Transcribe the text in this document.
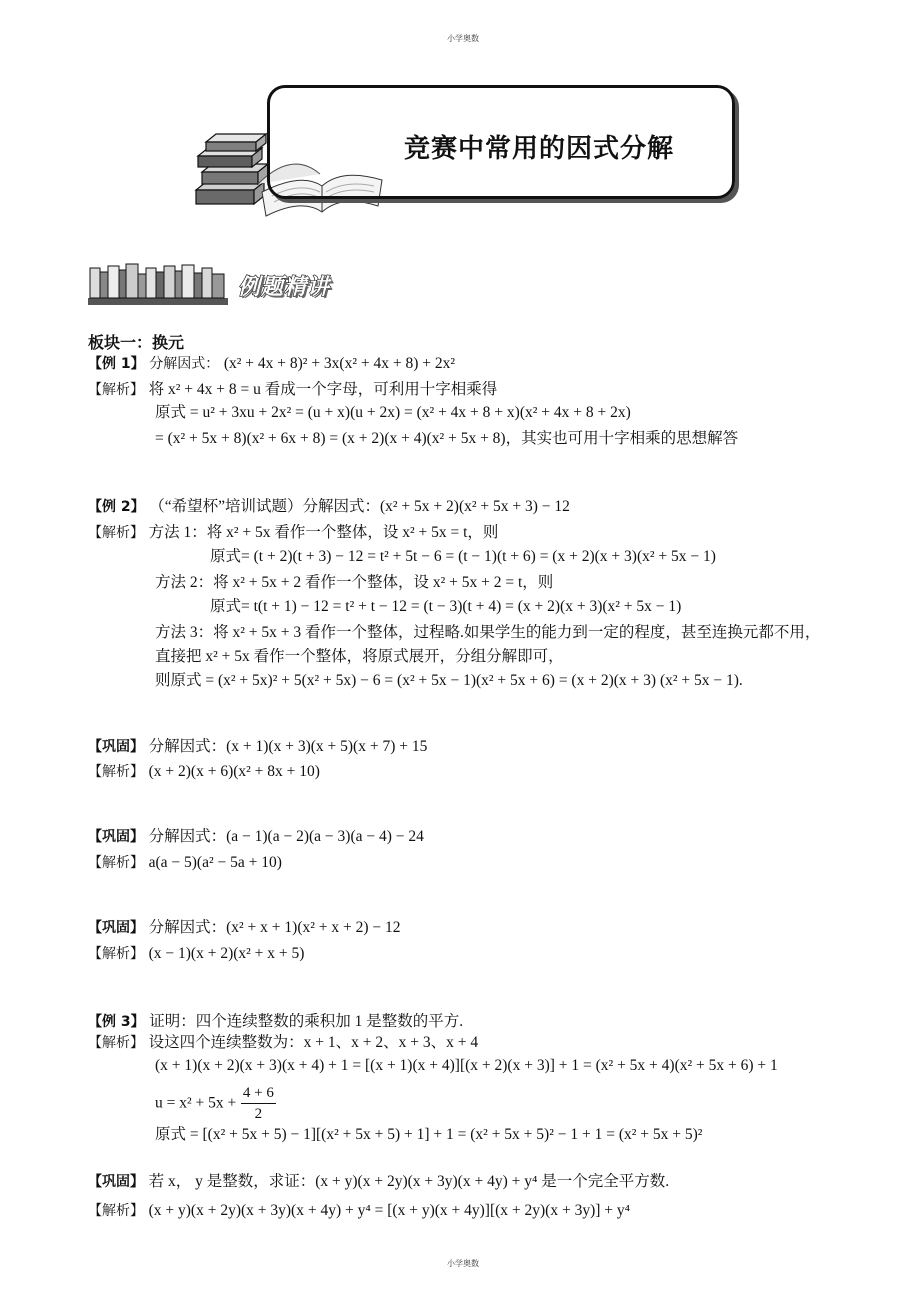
小学奥数
小学奥数
竞赛中常用的因式分解
例题精讲
板块一：换元
【例 1】 分解因式： (x² + 4x + 8)² + 3x(x² + 4x + 8) + 2x²
【解析】 将 x² + 4x + 8 = u 看成一个字母，可利用十字相乘得
原式 = u² + 3xu + 2x² = (u + x)(u + 2x) = (x² + 4x + 8 + x)(x² + 4x + 8 + 2x)
= (x² + 5x + 8)(x² + 6x + 8) = (x + 2)(x + 4)(x² + 5x + 8)，其实也可用十字相乘的思想解答
【例 2】 （“希望杯”培训试题）分解因式：(x² + 5x + 2)(x² + 5x + 3) − 12
【解析】 方法 1：将 x² + 5x 看作一个整体，设 x² + 5x = t，则
原式= (t + 2)(t + 3) − 12 = t² + 5t − 6 = (t − 1)(t + 6) = (x + 2)(x + 3)(x² + 5x − 1)
方法 2：将 x² + 5x + 2 看作一个整体，设 x² + 5x + 2 = t，则
原式= t(t + 1) − 12 = t² + t − 12 = (t − 3)(t + 4) = (x + 2)(x + 3)(x² + 5x − 1)
方法 3：将 x² + 5x + 3 看作一个整体，过程略.如果学生的能力到一定的程度，甚至连换元都不用，
直接把 x² + 5x 看作一个整体，将原式展开，分组分解即可，
则原式 = (x² + 5x)² + 5(x² + 5x) − 6 = (x² + 5x − 1)(x² + 5x + 6) = (x + 2)(x + 3) (x² + 5x − 1).
【巩固】 分解因式：(x + 1)(x + 3)(x + 5)(x + 7) + 15
【解析】 (x + 2)(x + 6)(x² + 8x + 10)
【巩固】 分解因式：(a − 1)(a − 2)(a − 3)(a − 4) − 24
【解析】 a(a − 5)(a² − 5a + 10)
【巩固】 分解因式：(x² + x + 1)(x² + x + 2) − 12
【解析】 (x − 1)(x + 2)(x² + x + 5)
【例 3】 证明：四个连续整数的乘积加 1 是整数的平方.
【解析】 设这四个连续整数为：x + 1、x + 2、x + 3、x + 4
(x + 1)(x + 2)(x + 3)(x + 4) + 1 = [(x + 1)(x + 4)][(x + 2)(x + 3)] + 1 = (x² + 5x + 4)(x² + 5x + 6) + 1
$u = x^2 + 5x + \frac{4 + 6}{2}$
原式 = [(x² + 5x + 5) − 1][(x² + 5x + 5) + 1] + 1 = (x² + 5x + 5)² − 1 + 1 = (x² + 5x + 5)²
【巩固】 若 x， y 是整数，求证：(x + y)(x + 2y)(x + 3y)(x + 4y) + y⁴ 是一个完全平方数.
【解析】 (x + y)(x + 2y)(x + 3y)(x + 4y) + y⁴ = [(x + y)(x + 4y)][(x + 2y)(x + 3y)] + y⁴
